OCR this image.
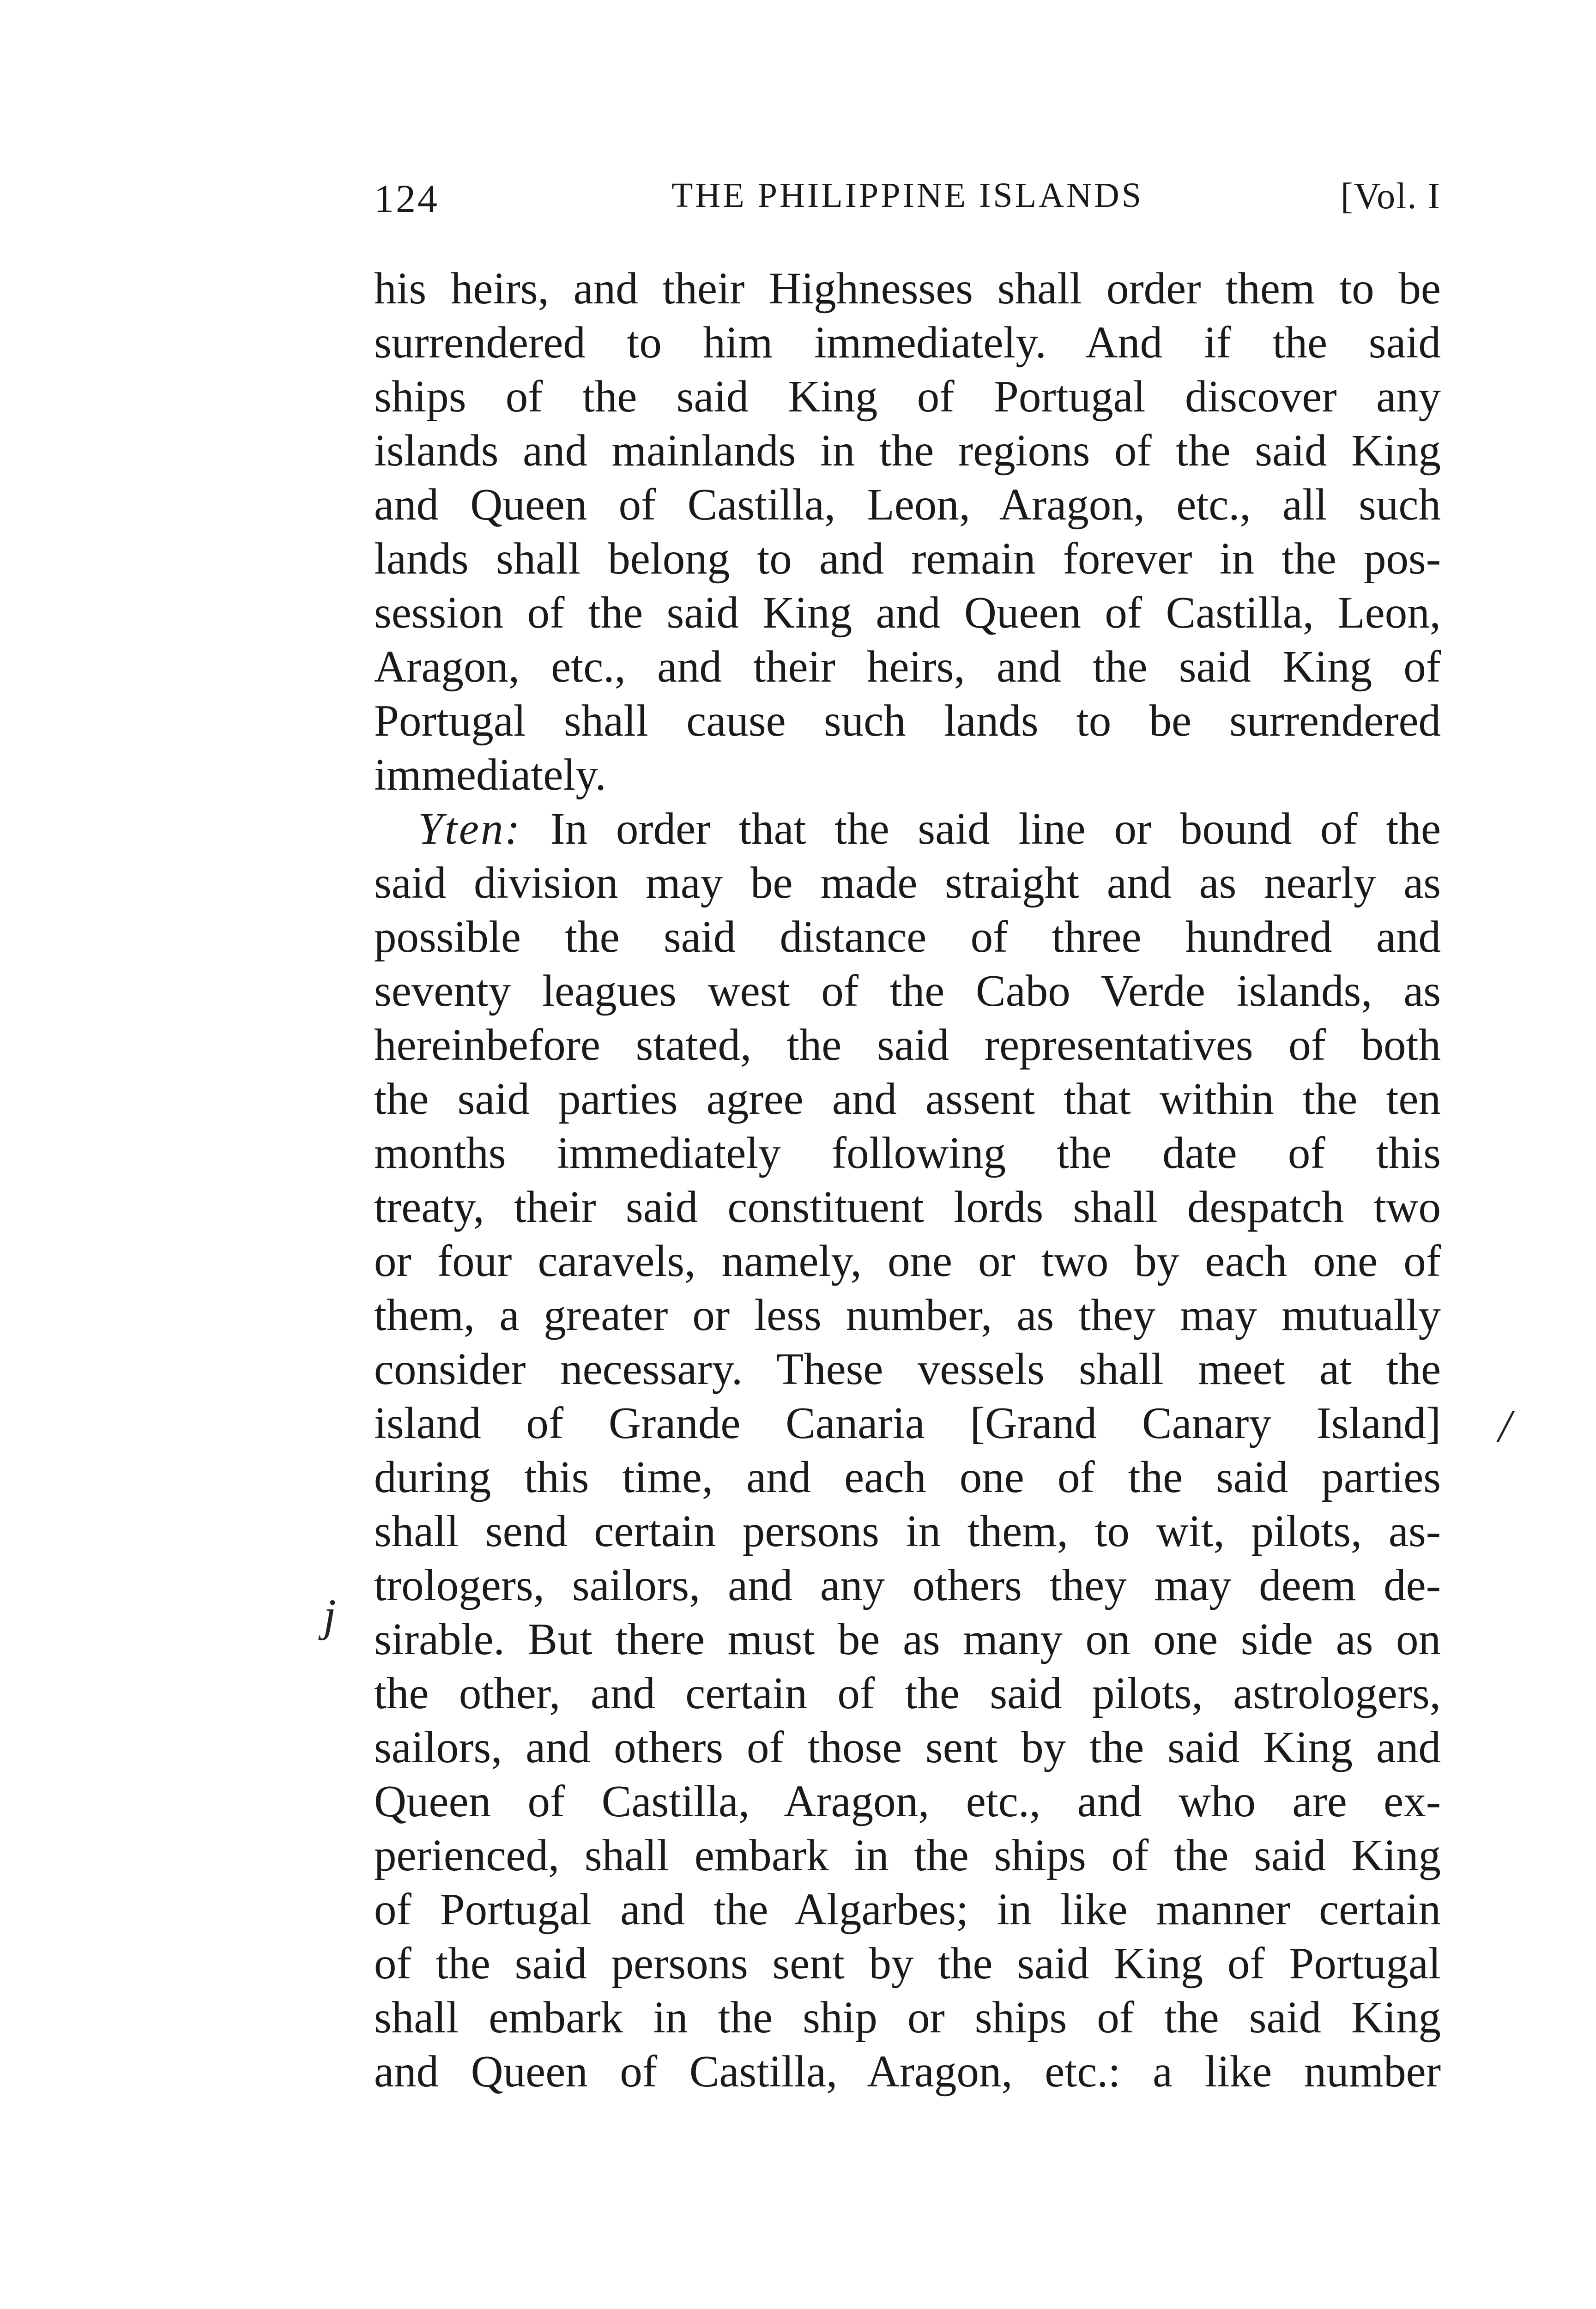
124	THE PHILIPPINE ISLANDS	[Vol. I
his heirs, and their Highnesses shall order them to be
surrendered to him immediately. And if the said
ships of the said King of Portugal discover any
islands and mainlands in the regions of the said King
and Queen of Castilla, Leon, Aragon, etc., all such
lands shall belong to and remain forever in the pos-
session of the said King and Queen of Castilla, Leon,
Aragon, etc., and their heirs, and the said King of
Portugal shall cause such lands to be surrendered
immediately.
Yten: In order that the said line or bound of the
said division may be made straight and as nearly as
possible the said distance of three hundred and
seventy leagues west of the Cabo Verde islands, as
hereinbefore stated, the said representatives of both
the said parties agree and assent that within the ten
months immediately following the date of this
treaty, their said constituent lords shall despatch two
or four caravels, namely, one or two by each one of
them, a greater or less number, as they may mutually
consider necessary. These vessels shall meet at the
island of Grande Canaria [Grand Canary Island]
during this time, and each one of the said parties
shall send certain persons in them, to wit, pilots, as-
trologers, sailors, and any others they may deem de-
sirable. But there must be as many on one side as on
the other, and certain of the said pilots, astrologers,
sailors, and others of those sent by the said King and
Queen of Castilla, Aragon, etc., and who are ex-
perienced, shall embark in the ships of the said King
of Portugal and the Algarbes; in like manner certain
of the said persons sent by the said King of Portugal
shall embark in the ship or ships of the said King
and Queen of Castilla, Aragon, etc.: a like number
/
j
